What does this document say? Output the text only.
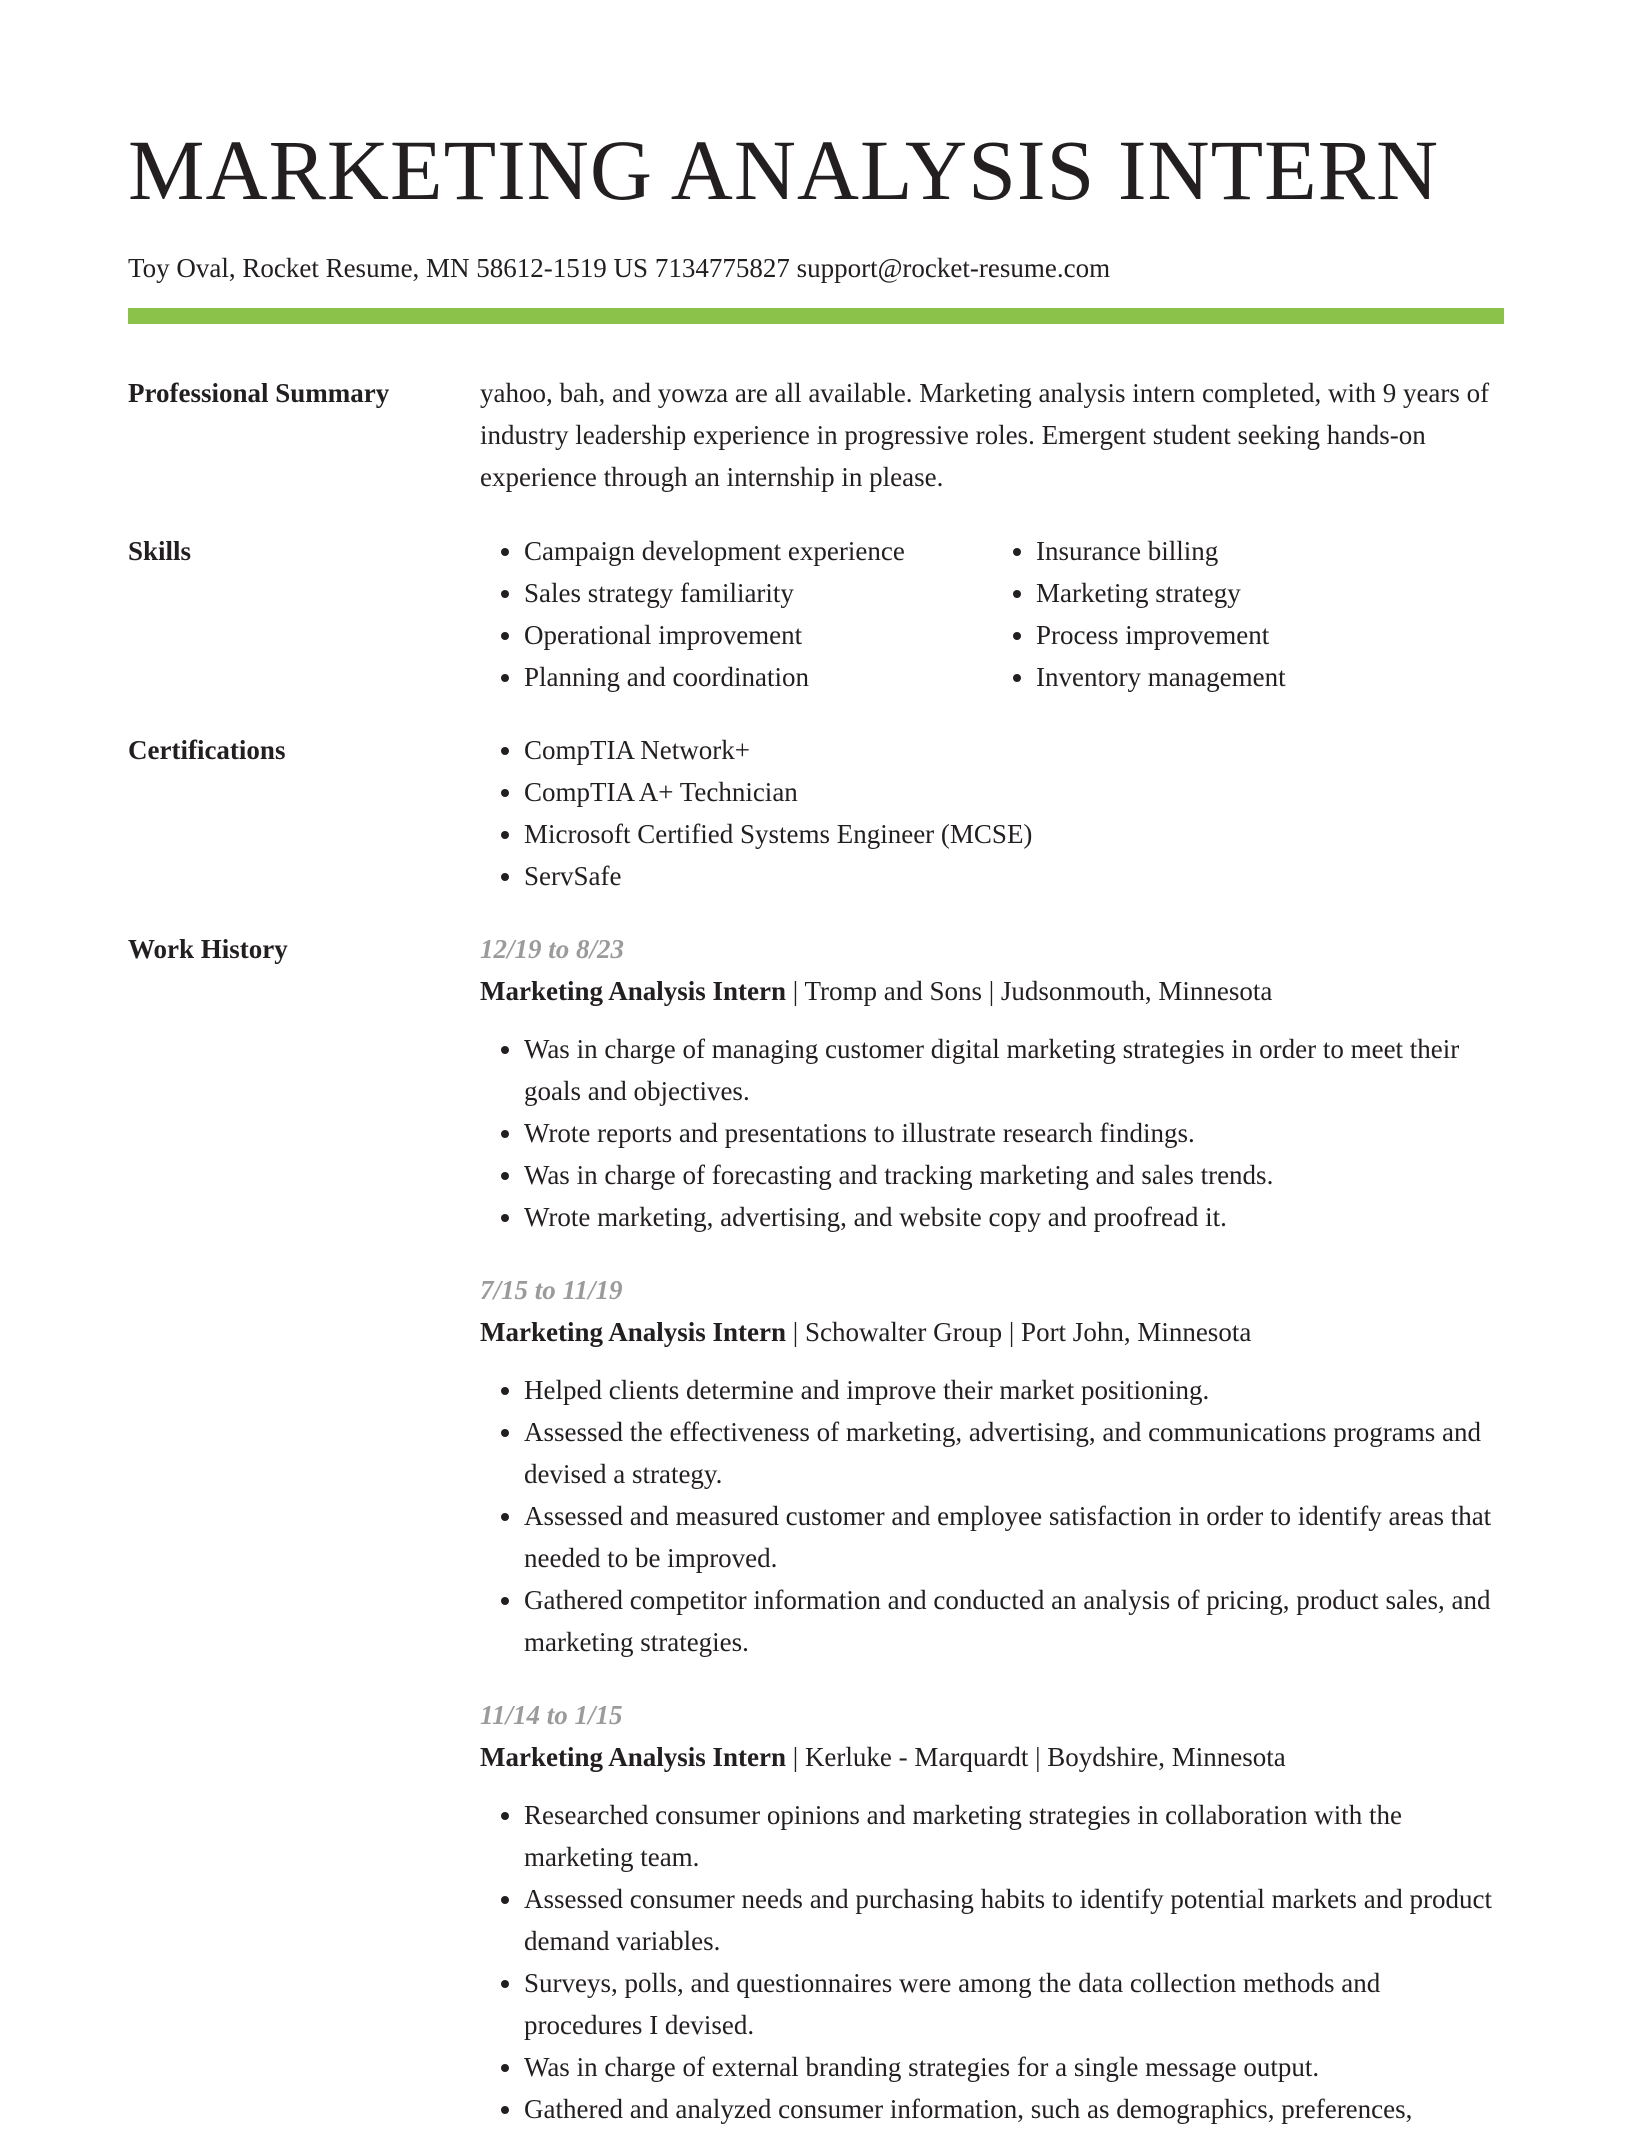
MARKETING ANALYSIS INTERN
Toy Oval, Rocket Resume, MN 58612-1519 US 7134775827 support@rocket-resume.com
Professional Summary	yahoo, bah, and yowza are all available. Marketing analysis intern completed, with 9 years of industry leadership experience in progressive roles. Emergent student seeking hands-on experience through an internship in please.

Skills	• Campaign development experience
• Sales strategy familiarity
• Operational improvement
• Planning and coordination
• Insurance billing
• Marketing strategy
• Process improvement
• Inventory management
Certifications	• CompTIA Network+
• CompTIA A+ Technician
• Microsoft Certified Systems Engineer (MCSE)
• ServSafe
Work History	12/19 to 8/23
Marketing Analysis Intern | Tromp and Sons | Judsonmouth, Minnesota
• Was in charge of managing customer digital marketing strategies in order to meet their goals and objectives.
• Wrote reports and presentations to illustrate research findings.
• Was in charge of forecasting and tracking marketing and sales trends.
• Wrote marketing, advertising, and website copy and proofread it.
7/15 to 11/19
Marketing Analysis Intern | Schowalter Group | Port John, Minnesota
• Helped clients determine and improve their market positioning.
• Assessed the effectiveness of marketing, advertising, and communications programs and devised a strategy.
• Assessed and measured customer and employee satisfaction in order to identify areas that needed to be improved.
• Gathered competitor information and conducted an analysis of pricing, product sales, and marketing strategies.
11/14 to 1/15
Marketing Analysis Intern | Kerluke - Marquardt | Boydshire, Minnesota
• Researched consumer opinions and marketing strategies in collaboration with the marketing team.
• Assessed consumer needs and purchasing habits to identify potential markets and product demand variables.
• Surveys, polls, and questionnaires were among the data collection methods and procedures I devised.
• Was in charge of external branding strategies for a single message output.
• Gathered and analyzed consumer information, such as demographics, preferences,
